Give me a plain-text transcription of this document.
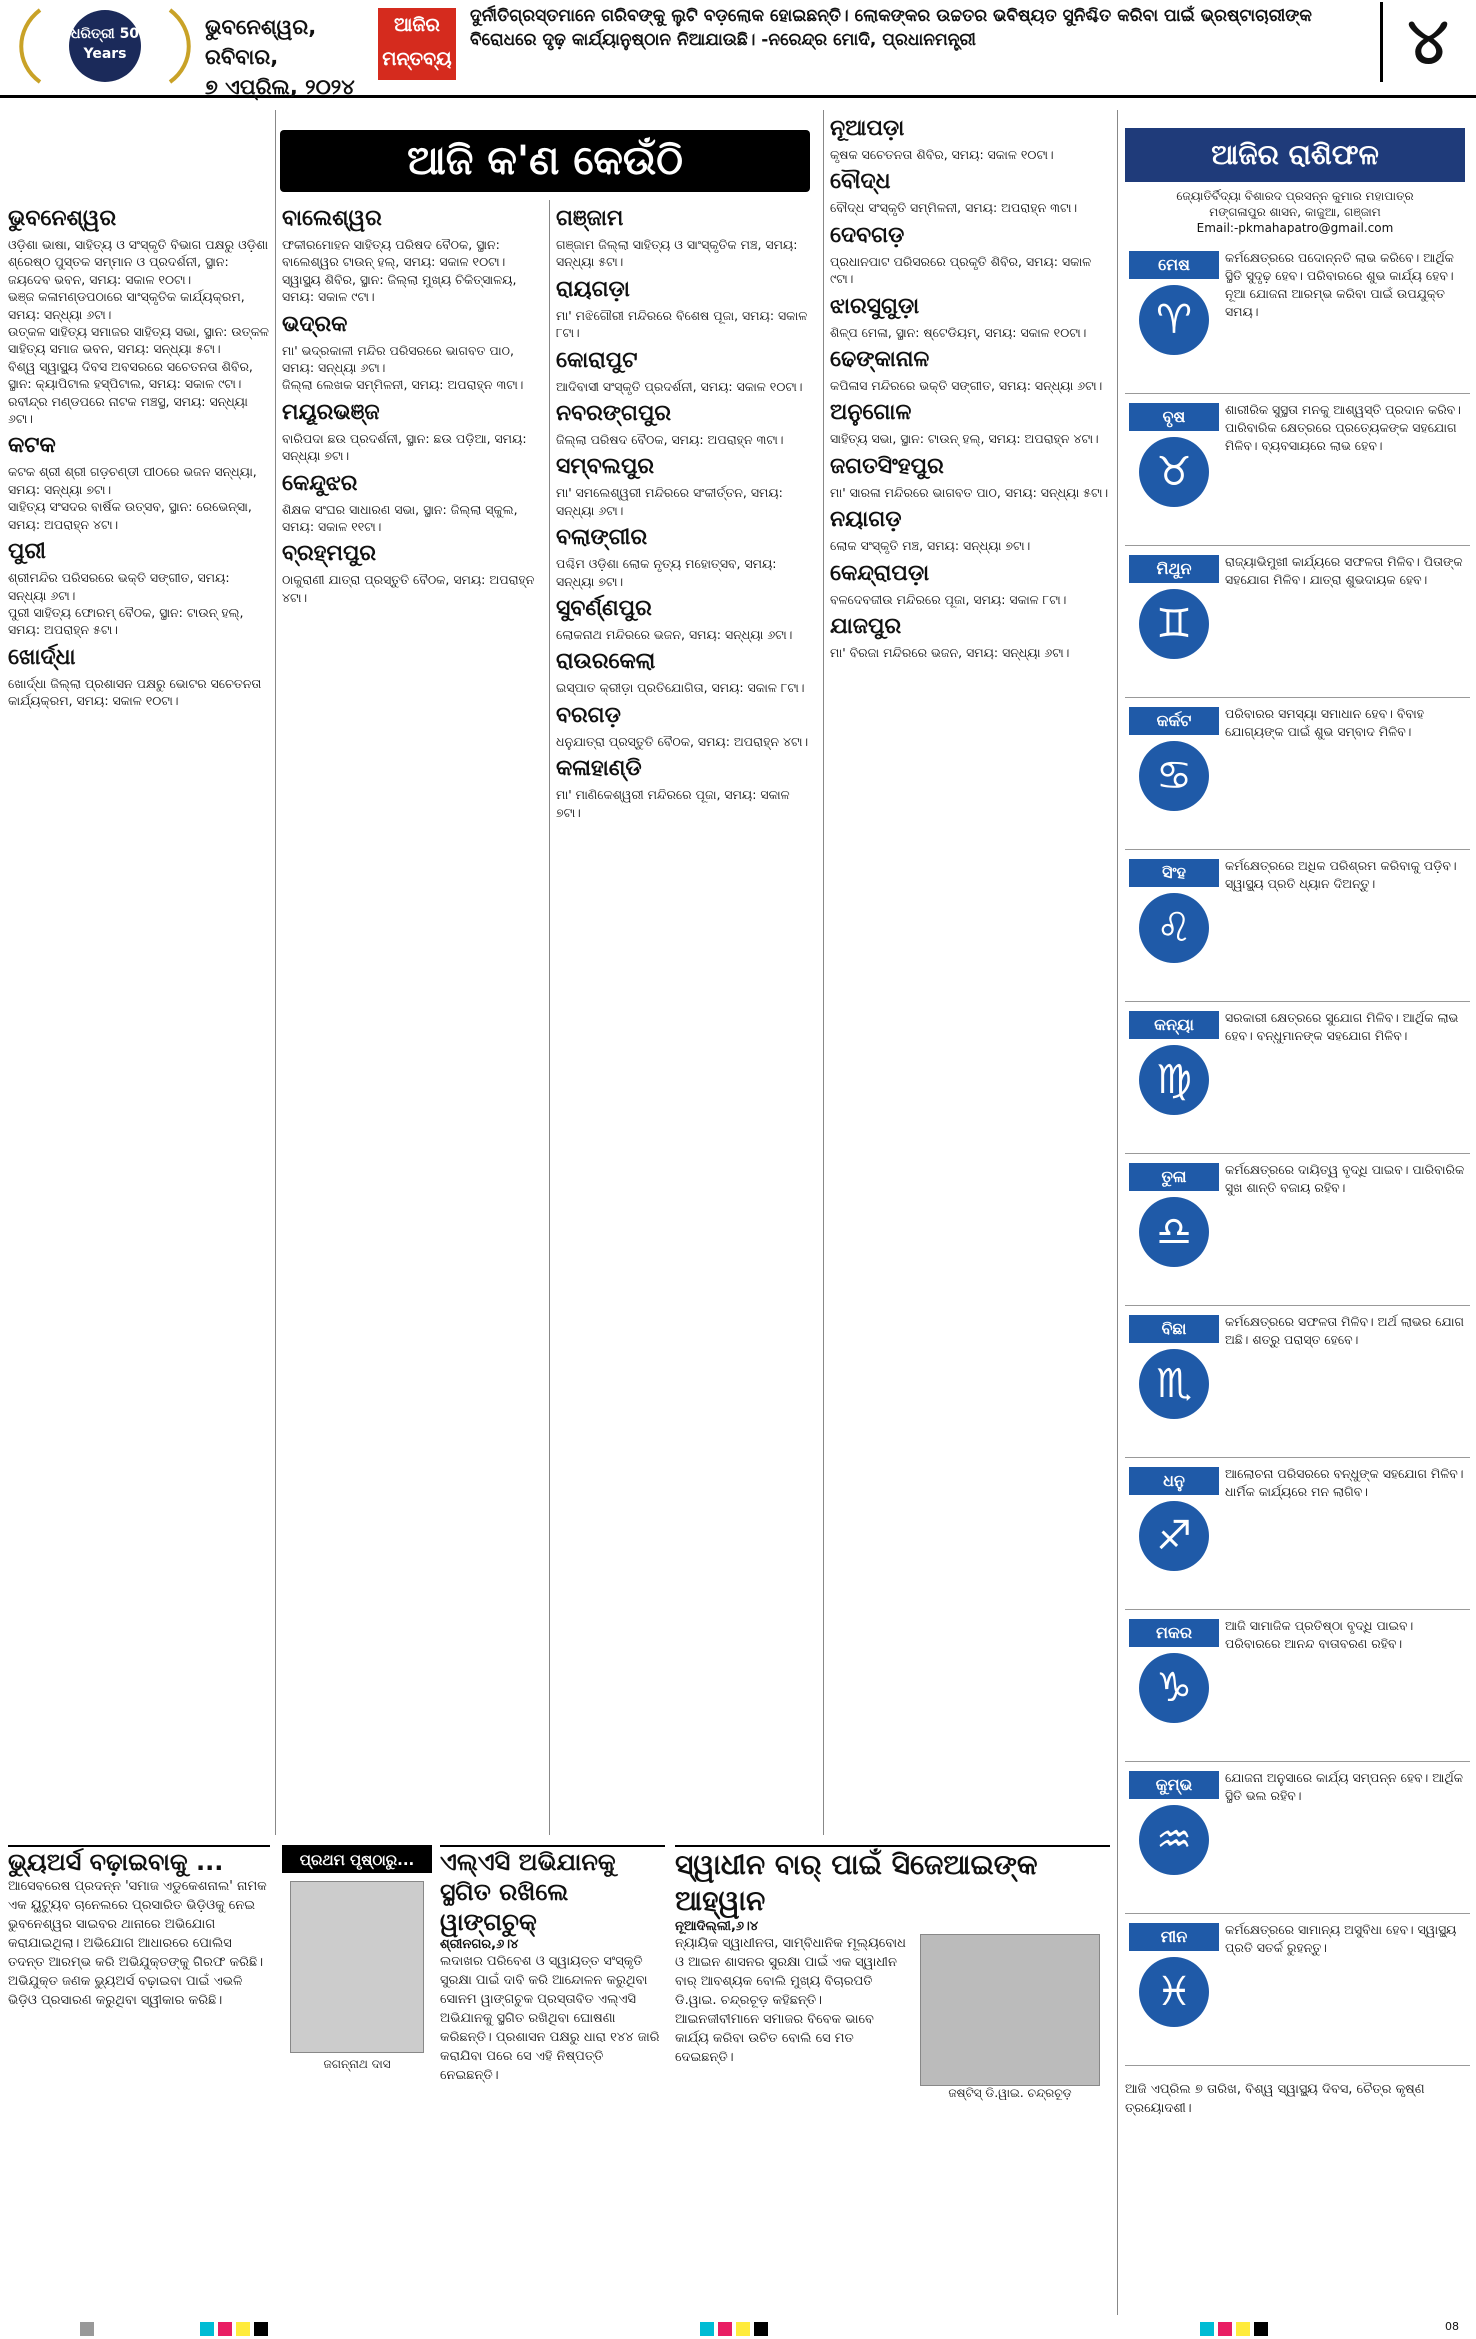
ଧରିତ୍ରୀ 50 Years
ଭୁବନେଶ୍ୱର, ରବିବାର,
୭ ଏପ୍ରିଲ, ୨୦୨୪
ଆଜିର ମନ୍ତବ୍ୟ
ଦୁର୍ନୀତିଗ୍ରସ୍ତମାନେ ଗରିବଙ୍କୁ ଲୁଟି ବଡ଼ଲୋକ ହୋଇଛନ୍ତି। ଲୋକଙ୍କର ଉଚ୍ଚତର ଭବିଷ୍ୟତ ସୁନିଶ୍ଚିତ କରିବା ପାଇଁ ଭ୍ରଷ୍ଟାଚାରୀଙ୍କ ବିରୋଧରେ ଦୃଢ଼ କାର୍ଯ୍ୟାନୁଷ୍ଠାନ ନିଆଯାଉଛି। -ନରେନ୍ଦ୍ର ମୋଦି, ପ୍ରଧାନମନ୍ତ୍ରୀ	୪
ଆଜି କ'ଣ କେଉଁଠି
ଭୁବନେଶ୍ୱର

ଓଡ଼ିଶା ଭାଷା, ସାହିତ୍ୟ ଓ ସଂସ୍କୃତି ବିଭାଗ ପକ୍ଷରୁ ଓଡ଼ିଶା ଶ୍ରେଷ୍ଠ ପୁସ୍ତକ ସମ୍ମାନ ଓ ପ୍ରଦର୍ଶନୀ, ସ୍ଥାନ: ଜୟଦେବ ଭବନ, ସମୟ: ସକାଳ ୧୦ଟା।

ଭଞ୍ଜ କଳାମଣ୍ଡପଠାରେ ସାଂସ୍କୃତିକ କାର୍ଯ୍ୟକ୍ରମ, ସମୟ: ସନ୍ଧ୍ୟା ୬ଟା।

ଉତ୍କଳ ସାହିତ୍ୟ ସମାଜର ସାହିତ୍ୟ ସଭା, ସ୍ଥାନ: ଉତ୍କଳ ସାହିତ୍ୟ ସମାଜ ଭବନ, ସମୟ: ସନ୍ଧ୍ୟା ୫ଟା।

ବିଶ୍ୱ ସ୍ୱାସ୍ଥ୍ୟ ଦିବସ ଅବସରରେ ସଚେତନତା ଶିବିର, ସ୍ଥାନ: କ୍ୟାପିଟାଲ ହସ୍ପିଟାଲ, ସମୟ: ସକାଳ ୯ଟା।

ରବୀନ୍ଦ୍ର ମଣ୍ଡପରେ ନାଟକ ମଞ୍ଚସ୍ଥ, ସମୟ: ସନ୍ଧ୍ୟା ୬ଟା।

କଟକ

କଟକ ଶ୍ରୀ ଶ୍ରୀ ଗଡ଼ଚଣ୍ଡୀ ପୀଠରେ ଭଜନ ସନ୍ଧ୍ୟା, ସମୟ: ସନ୍ଧ୍ୟା ୭ଟା।

ସାହିତ୍ୟ ସଂସଦର ବାର୍ଷିକ ଉତ୍ସବ, ସ୍ଥାନ: ରେଭେନ୍ସା, ସମୟ: ଅପରାହ୍ନ ୪ଟା।

ପୁରୀ

ଶ୍ରୀମନ୍ଦିର ପରିସରରେ ଭକ୍ତି ସଙ୍ଗୀତ, ସମୟ: ସନ୍ଧ୍ୟା ୬ଟା।

ପୁରୀ ସାହିତ୍ୟ ଫୋରମ୍ ବୈଠକ, ସ୍ଥାନ: ଟାଉନ୍ ହଲ୍, ସମୟ: ଅପରାହ୍ନ ୫ଟା।

ଖୋର୍ଦ୍ଧା

ଖୋର୍ଦ୍ଧା ଜିଲ୍ଲା ପ୍ରଶାସନ ପକ୍ଷରୁ ଭୋଟର ସଚେତନତା କାର୍ଯ୍ୟକ୍ରମ, ସମୟ: ସକାଳ ୧୦ଟା।

ବାଲେଶ୍ୱର

ଫକୀରମୋହନ ସାହିତ୍ୟ ପରିଷଦ ବୈଠକ, ସ୍ଥାନ: ବାଲେଶ୍ୱର ଟାଉନ୍ ହଲ୍, ସମୟ: ସକାଳ ୧୦ଟା।

ସ୍ୱାସ୍ଥ୍ୟ ଶିବିର, ସ୍ଥାନ: ଜିଲ୍ଲା ମୁଖ୍ୟ ଚିକିତ୍ସାଳୟ, ସମୟ: ସକାଳ ୯ଟା।

ଭଦ୍ରକ

ମା' ଭଦ୍ରକାଳୀ ମନ୍ଦିର ପରିସରରେ ଭାଗବତ ପାଠ, ସମୟ: ସନ୍ଧ୍ୟା ୬ଟା।

ଜିଲ୍ଲା ଲେଖକ ସମ୍ମିଳନୀ, ସମୟ: ଅପରାହ୍ନ ୩ଟା।

ମୟୂରଭଞ୍ଜ

ବାରିପଦା ଛଉ ପ୍ରଦର୍ଶନୀ, ସ୍ଥାନ: ଛଉ ପଡ଼ିଆ, ସମୟ: ସନ୍ଧ୍ୟା ୭ଟା।

କେନ୍ଦୁଝର

ଶିକ୍ଷକ ସଂଘର ସାଧାରଣ ସଭା, ସ୍ଥାନ: ଜିଲ୍ଲା ସ୍କୁଲ, ସମୟ: ସକାଳ ୧୧ଟା।

ବ୍ରହ୍ମପୁର

ଠାକୁରାଣୀ ଯାତ୍ରା ପ୍ରସ୍ତୁତି ବୈଠକ, ସମୟ: ଅପରାହ୍ନ ୪ଟା।

ଗଞ୍ଜାମ

ଗଞ୍ଜାମ ଜିଲ୍ଲା ସାହିତ୍ୟ ଓ ସାଂସ୍କୃତିକ ମଞ୍ଚ, ସମୟ: ସନ୍ଧ୍ୟା ୫ଟା।

ରାୟଗଡ଼ା

ମା' ମଝିଗୌରୀ ମନ୍ଦିରରେ ବିଶେଷ ପୂଜା, ସମୟ: ସକାଳ ୮ଟା।

କୋରାପୁଟ

ଆଦିବାସୀ ସଂସ୍କୃତି ପ୍ରଦର୍ଶନୀ, ସମୟ: ସକାଳ ୧୦ଟା।

ନବରଙ୍ଗପୁର

ଜିଲ୍ଲା ପରିଷଦ ବୈଠକ, ସମୟ: ଅପରାହ୍ନ ୩ଟା।

ସମ୍ବଲପୁର

ମା' ସମଲେଶ୍ୱରୀ ମନ୍ଦିରରେ ସଂକୀର୍ତ୍ତନ, ସମୟ: ସନ୍ଧ୍ୟା ୬ଟା।

ବଲାଙ୍ଗୀର

ପଶ୍ଚିମ ଓଡ଼ିଶା ଲୋକ ନୃତ୍ୟ ମହୋତ୍ସବ, ସମୟ: ସନ୍ଧ୍ୟା ୭ଟା।

ସୁବର୍ଣ୍ଣପୁର

ଲୋକନାଥ ମନ୍ଦିରରେ ଭଜନ, ସମୟ: ସନ୍ଧ୍ୟା ୬ଟା।

ରାଉରକେଲା

ଇସ୍ପାତ କ୍ରୀଡ଼ା ପ୍ରତିଯୋଗିତା, ସମୟ: ସକାଳ ୮ଟା।

ବରଗଡ଼

ଧନୁଯାତ୍ରା ପ୍ରସ୍ତୁତି ବୈଠକ, ସମୟ: ଅପରାହ୍ନ ୪ଟା।

କଳାହାଣ୍ଡି

ମା' ମାଣିକେଶ୍ୱରୀ ମନ୍ଦିରରେ ପୂଜା, ସମୟ: ସକାଳ ୭ଟା।

ନୂଆପଡ଼ା

କୃଷକ ସଚେତନତା ଶିବିର, ସମୟ: ସକାଳ ୧୦ଟା।

ବୌଦ୍ଧ

ବୌଦ୍ଧ ସଂସ୍କୃତି ସମ୍ମିଳନୀ, ସମୟ: ଅପରାହ୍ନ ୩ଟା।

ଦେବଗଡ଼

ପ୍ରଧାନପାଟ ପରିସରରେ ପ୍ରକୃତି ଶିବିର, ସମୟ: ସକାଳ ୯ଟା।

ଝାରସୁଗୁଡ଼ା

ଶିଳ୍ପ ମେଳା, ସ୍ଥାନ: ଷ୍ଟେଡିୟମ୍, ସମୟ: ସକାଳ ୧୦ଟା।

ଢେଙ୍କାନାଳ

କପିଳାସ ମନ୍ଦିରରେ ଭକ୍ତି ସଙ୍ଗୀତ, ସମୟ: ସନ୍ଧ୍ୟା ୬ଟା।

ଅନୁଗୋଳ

ସାହିତ୍ୟ ସଭା, ସ୍ଥାନ: ଟାଉନ୍ ହଲ୍, ସମୟ: ଅପରାହ୍ନ ୪ଟା।

ଜଗତସିଂହପୁର

ମା' ସାରଳା ମନ୍ଦିରରେ ଭାଗବତ ପାଠ, ସମୟ: ସନ୍ଧ୍ୟା ୫ଟା।

ନୟାଗଡ଼

ଲୋକ ସଂସ୍କୃତି ମଞ୍ଚ, ସମୟ: ସନ୍ଧ୍ୟା ୭ଟା।

କେନ୍ଦ୍ରାପଡ଼ା

ବଳଦେବଜୀଉ ମନ୍ଦିରରେ ପୂଜା, ସମୟ: ସକାଳ ୮ଟା।

ଯାଜପୁର

ମା' ବିରଜା ମନ୍ଦିରରେ ଭଜନ, ସମୟ: ସନ୍ଧ୍ୟା ୬ଟା।

ଆଜିର ରାଶିଫଳ
ଜ୍ୟୋତିର୍ବିଦ୍ୟା ବିଶାରଦ ପ୍ରସନ୍ନ କୁମାର ମହାପାତ୍ର
ମଙ୍ଗଳାପୁର ଶାସନ, କାଜୁଆ, ଗଞ୍ଜାମ
Email:-pkmahapatro@gmail.com
ମେଷ
♈
କର୍ମକ୍ଷେତ୍ରରେ ପଦୋନ୍ନତି ଲାଭ କରିବେ। ଆର୍ଥିକ ସ୍ଥିତି ସୁଦୃଢ଼ ହେବ। ପରିବାରରେ ଶୁଭ କାର୍ଯ୍ୟ ହେବ। ନୂଆ ଯୋଜନା ଆରମ୍ଭ କରିବା ପାଇଁ ଉପଯୁକ୍ତ ସମୟ।
ବୃଷ
♉
ଶାରୀରିକ ସୁସ୍ଥତା ମନକୁ ଆଶ୍ୱସ୍ତି ପ୍ରଦାନ କରିବ। ପାରିବାରିକ କ୍ଷେତ୍ରରେ ପ୍ରତ୍ୟେକଙ୍କ ସହଯୋଗ ମିଳିବ। ବ୍ୟବସାୟରେ ଲାଭ ହେବ।
ମିଥୁନ
♊
ରାଜ୍ୟାଭିମୁଖୀ କାର୍ଯ୍ୟରେ ସଫଳତା ମିଳିବ। ପିତାଙ୍କ ସହଯୋଗ ମିଳିବ। ଯାତ୍ରା ଶୁଭଦାୟକ ହେବ।
କର୍କଟ
♋
ପରିବାରର ସମସ୍ୟା ସମାଧାନ ହେବ। ବିବାହ ଯୋଗ୍ୟଙ୍କ ପାଇଁ ଶୁଭ ସମ୍ବାଦ ମିଳିବ।
ସିଂହ
♌
କର୍ମକ୍ଷେତ୍ରରେ ଅଧିକ ପରିଶ୍ରମ କରିବାକୁ ପଡ଼ିବ। ସ୍ୱାସ୍ଥ୍ୟ ପ୍ରତି ଧ୍ୟାନ ଦିଅନ୍ତୁ।
କନ୍ୟା
♍
ସରକାରୀ କ୍ଷେତ୍ରରେ ସୁଯୋଗ ମିଳିବ। ଆର୍ଥିକ ଲାଭ ହେବ। ବନ୍ଧୁମାନଙ୍କ ସହଯୋଗ ମିଳିବ।
ତୁଳା
♎
କର୍ମକ୍ଷେତ୍ରରେ ଦାୟିତ୍ୱ ବୃଦ୍ଧି ପାଇବ। ପାରିବାରିକ ସୁଖ ଶାନ୍ତି ବଜାୟ ରହିବ।
ବିଛା
♏
କର୍ମକ୍ଷେତ୍ରରେ ସଫଳତା ମିଳିବ। ଅର୍ଥ ଲାଭର ଯୋଗ ଅଛି। ଶତ୍ରୁ ପରାସ୍ତ ହେବେ।
ଧନୁ
♐
ଆଲୋଚନା ପରିସରରେ ବନ୍ଧୁଙ୍କ ସହଯୋଗ ମିଳିବ। ଧାର୍ମିକ କାର୍ଯ୍ୟରେ ମନ ଲାଗିବ।
ମକର
♑
ଆଜି ସାମାଜିକ ପ୍ରତିଷ୍ଠା ବୃଦ୍ଧି ପାଇବ। ପରିବାରରେ ଆନନ୍ଦ ବାତାବରଣ ରହିବ।
କୁମ୍ଭ
♒
ଯୋଜନା ଅନୁସାରେ କାର୍ଯ୍ୟ ସମ୍ପନ୍ନ ହେବ। ଆର୍ଥିକ ସ୍ଥିତି ଭଲ ରହିବ।
ମୀନ
♓
କର୍ମକ୍ଷେତ୍ରରେ ସାମାନ୍ୟ ଅସୁବିଧା ହେବ। ସ୍ୱାସ୍ଥ୍ୟ ପ୍ରତି ସତର୍କ ରୁହନ୍ତୁ।
ଆଜି ଏପ୍ରିଲ ୭ ତାରିଖ, ବିଶ୍ୱ ସ୍ୱାସ୍ଥ୍ୟ ଦିବସ, ଚୈତ୍ର କୃଷ୍ଣ ତ୍ରୟୋଦଶୀ।
ଭ୍ୟୁଅର୍ସ ବଢ଼ାଇବାକୁ ...
ଆସେବରେଷ ପ୍ରଦନ୍ନ 'ସମାଜ ଏଡୁକେଶନାଲ' ନାମକ ଏକ ୟୁଟ୍ୟୁବ ଚାନେଲରେ ପ୍ରସାରିତ ଭିଡ଼ିଓକୁ ନେଇ ଭୁବନେଶ୍ୱର ସାଇବର ଥାନାରେ ଅଭିଯୋଗ କରାଯାଇଥିଲା। ଅଭିଯୋଗ ଆଧାରରେ ପୋଲିସ ତଦନ୍ତ ଆରମ୍ଭ କରି ଅଭିଯୁକ୍ତଙ୍କୁ ଗିରଫ କରିଛି। ଅଭିଯୁକ୍ତ ଜଣକ ଭ୍ୟୁଅର୍ସ ବଢ଼ାଇବା ପାଇଁ ଏଭଳି ଭିଡ଼ିଓ ପ୍ରସାରଣ କରୁଥିବା ସ୍ୱୀକାର କରିଛି।
ପ୍ରଥମ ପୃଷ୍ଠାରୁ...
ଜଗନ୍ନାଥ ଦାସ
ଏଲ୍‌ଏସି ଅଭିଯାନକୁ ସ୍ଥଗିତ ରଖିଲେ ୱାଙ୍ଗଚୁକ୍
ଶ୍ରୀନଗର,୬।୪
ଲଦାଖର ପରିବେଶ ଓ ସ୍ୱାୟତ୍ତ ସଂସ୍କୃତି ସୁରକ୍ଷା ପାଇଁ ଦାବି କରି ଆନ୍ଦୋଳନ କରୁଥିବା ସୋନମ ୱାଙ୍ଗଚୁକ ପ୍ରସ୍ତାବିତ ଏଲ୍‌ଏସି ଅଭିଯାନକୁ ସ୍ଥଗିତ ରଖିଥିବା ଘୋଷଣା କରିଛନ୍ତି। ପ୍ରଶାସନ ପକ୍ଷରୁ ଧାରା ୧୪୪ ଜାରି କରାଯିବା ପରେ ସେ ଏହି ନିଷ୍ପତ୍ତି ନେଇଛନ୍ତି।
ସ୍ୱାଧୀନ ବାର୍ ପାଇଁ ସିଜେଆଇଙ୍କ ଆହ୍ୱାନ
ନୂଆଦିଲ୍ଲୀ,୬।୪
ନ୍ୟାୟିକ ସ୍ୱାଧୀନତା, ସାମ୍ବିଧାନିକ ମୂଲ୍ୟବୋଧ ଓ ଆଇନ ଶାସନର ସୁରକ୍ଷା ପାଇଁ ଏକ ସ୍ୱାଧୀନ ବାର୍ ଆବଶ୍ୟକ ବୋଲି ମୁଖ୍ୟ ବିଚାରପତି ଡି.ୱାଇ. ଚନ୍ଦ୍ରଚୂଡ଼ କହିଛନ୍ତି। ଆଇନଜୀବୀମାନେ ସମାଜର ବିବେକ ଭାବେ କାର୍ଯ୍ୟ କରିବା ଉଚିତ ବୋଲି ସେ ମତ ଦେଇଛନ୍ତି।
ଜଷ୍ଟିସ୍ ଡି.ୱାଇ. ଚନ୍ଦ୍ରଚୂଡ଼
08
